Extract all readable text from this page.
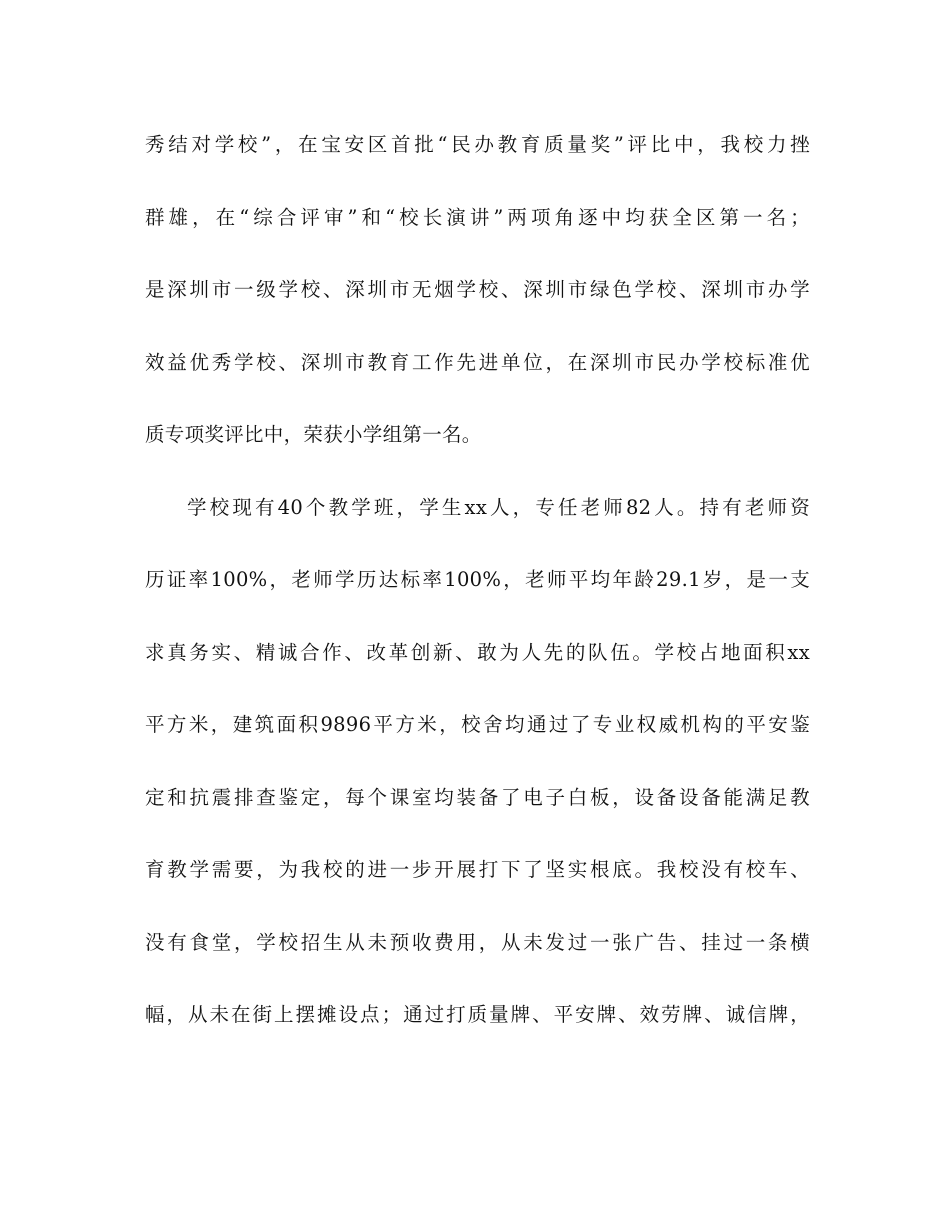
秀结对学校”，在宝安区首批“民办教育质量奖”评比中，我校力挫
群雄，在“综合评审”和“校长演讲”两项角逐中均获全区第一名；
是深圳市一级学校、深圳市无烟学校、深圳市绿色学校、深圳市办学
效益优秀学校、深圳市教育工作先进单位，在深圳市民办学校标准优
质专项奖评比中，荣获小学组第一名。
学校现有40个教学班，学生xx人，专任老师82人。持有老师资
历证率100%，老师学历达标率100%，老师平均年龄29.1岁，是一支
求真务实、精诚合作、改革创新、敢为人先的队伍。学校占地面积xx
平方米，建筑面积9896平方米，校舍均通过了专业权威机构的平安鉴
定和抗震排查鉴定，每个课室均装备了电子白板，设备设备能满足教
育教学需要，为我校的进一步开展打下了坚实根底。我校没有校车、
没有食堂，学校招生从未预收费用，从未发过一张广告、挂过一条横
幅，从未在街上摆摊设点；通过打质量牌、平安牌、效劳牌、诚信牌，
